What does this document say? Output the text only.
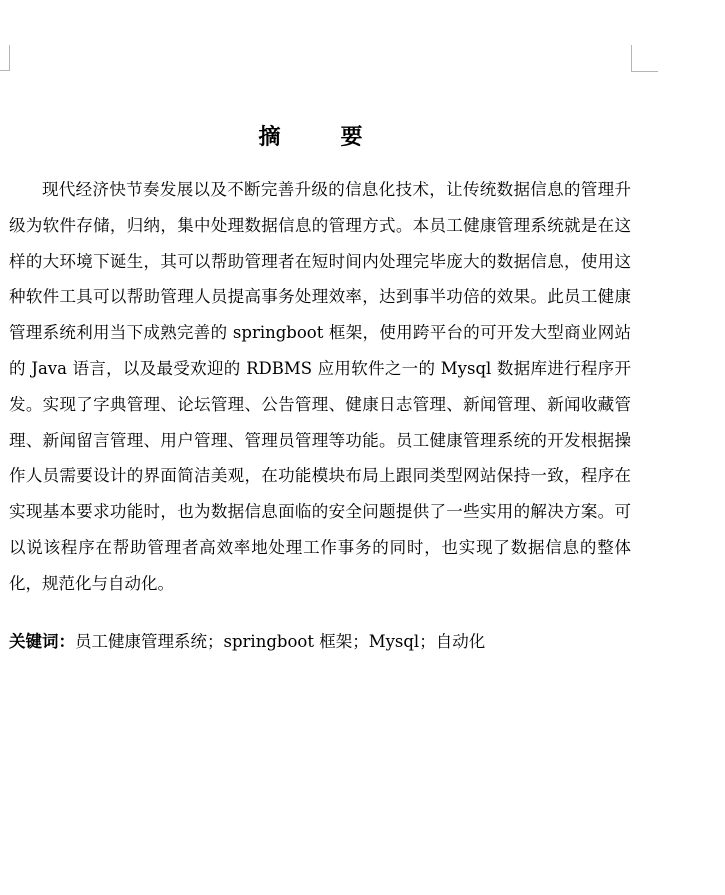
摘　要

现代经济快节奏发展以及不断完善升级的信息化技术，让传统数据信息的管理升级为软件存储，归纳，集中处理数据信息的管理方式。本员工健康管理系统就是在这样的大环境下诞生，其可以帮助管理者在短时间内处理完毕庞大的数据信息，使用这种软件工具可以帮助管理人员提高事务处理效率，达到事半功倍的效果。此员工健康管理系统利用当下成熟完善的 springboot 框架，使用跨平台的可开发大型商业网站的 Java 语言，以及最受欢迎的 RDBMS 应用软件之一的 Mysql 数据库进行程序开发。实现了字典管理、论坛管理、公告管理、健康日志管理、新闻管理、新闻收藏管理、新闻留言管理、用户管理、管理员管理等功能。员工健康管理系统的开发根据操作人员需要设计的界面简洁美观，在功能模块布局上跟同类型网站保持一致，程序在实现基本要求功能时，也为数据信息面临的安全问题提供了一些实用的解决方案。可以说该程序在帮助管理者高效率地处理工作事务的同时，也实现了数据信息的整体化，规范化与自动化。

关键词：员工健康管理系统；springboot 框架；Mysql；自动化
